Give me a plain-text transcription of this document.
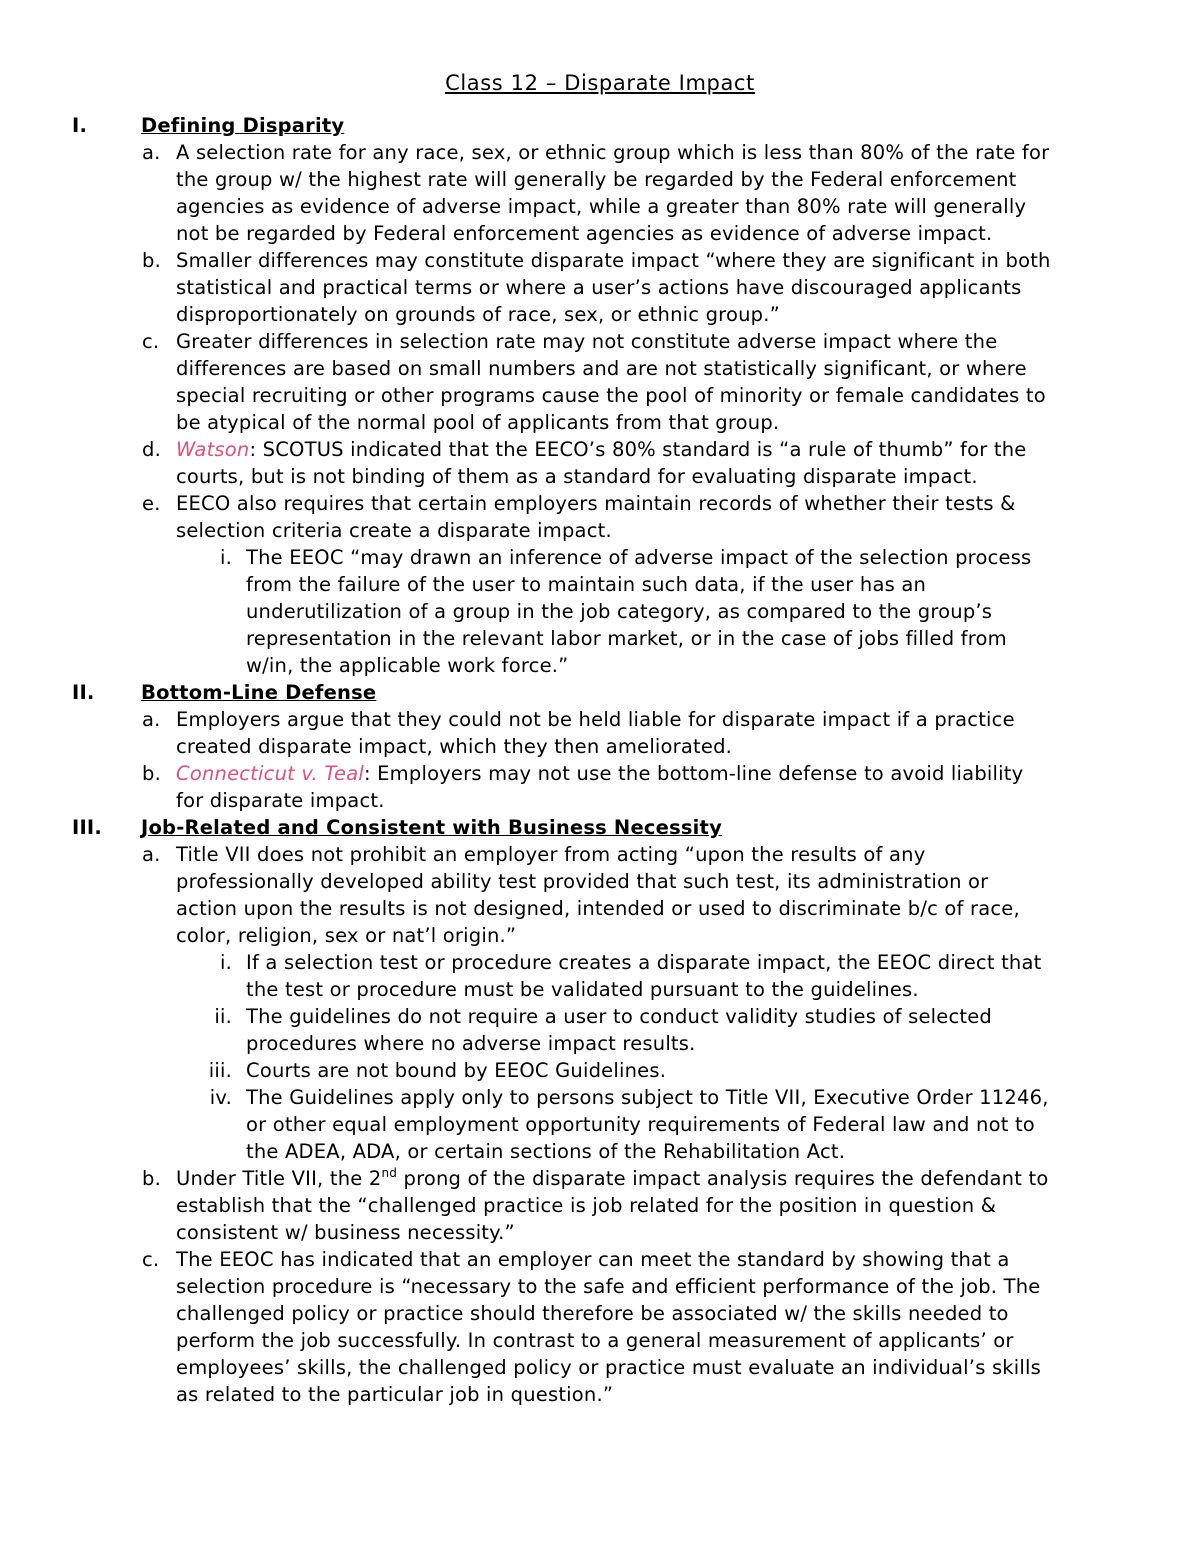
Class 12 – Disparate Impact
I.	Defining Disparity
a. A selection rate for any race, sex, or ethnic group which is less than 80% of the rate for
the group w/ the highest rate will generally be regarded by the Federal enforcement
agencies as evidence of adverse impact, while a greater than 80% rate will generally
not be regarded by Federal enforcement agencies as evidence of adverse impact.
b. Smaller differences may constitute disparate impact “where they are significant in both
statistical and practical terms or where a user’s actions have discouraged applicants
disproportionately on grounds of race, sex, or ethnic group.”
c. Greater differences in selection rate may not constitute adverse impact where the
differences are based on small numbers and are not statistically significant, or where
special recruiting or other programs cause the pool of minority or female candidates to
be atypical of the normal pool of applicants from that group.
d. Watson: SCOTUS indicated that the EECO’s 80% standard is “a rule of thumb” for the
courts, but is not binding of them as a standard for evaluating disparate impact.
e. EECO also requires that certain employers maintain records of whether their tests &
selection criteria create a disparate impact.
i. The EEOC “may drawn an inference of adverse impact of the selection process
from the failure of the user to maintain such data, if the user has an
underutilization of a group in the job category, as compared to the group’s
representation in the relevant labor market, or in the case of jobs filled from
w/in, the applicable work force.”
II. Bottom-Line Defense
a. Employers argue that they could not be held liable for disparate impact if a practice
created disparate impact, which they then ameliorated.
b. Connecticut v. Teal: Employers may not use the bottom-line defense to avoid liability
for disparate impact.
III. Job-Related and Consistent with Business Necessity
a. Title VII does not prohibit an employer from acting “upon the results of any
professionally developed ability test provided that such test, its administration or
action upon the results is not designed, intended or used to discriminate b/c of race,
color, religion, sex or nat’l origin.”
i. If a selection test or procedure creates a disparate impact, the EEOC direct that
the test or procedure must be validated pursuant to the guidelines.
ii. The guidelines do not require a user to conduct validity studies of selected
procedures where no adverse impact results.
iii. Courts are not bound by EEOC Guidelines.
iv. The Guidelines apply only to persons subject to Title VII, Executive Order 11246,
or other equal employment opportunity requirements of Federal law and not to
the ADEA, ADA, or certain sections of the Rehabilitation Act.
b. Under Title VII, the 2nd prong of the disparate impact analysis requires the defendant to
establish that the “challenged practice is job related for the position in question &
consistent w/ business necessity.”
c. The EEOC has indicated that an employer can meet the standard by showing that a
selection procedure is “necessary to the safe and efficient performance of the job. The
challenged policy or practice should therefore be associated w/ the skills needed to
perform the job successfully. In contrast to a general measurement of applicants’ or
employees’ skills, the challenged policy or practice must evaluate an individual’s skills
as related to the particular job in question.”
